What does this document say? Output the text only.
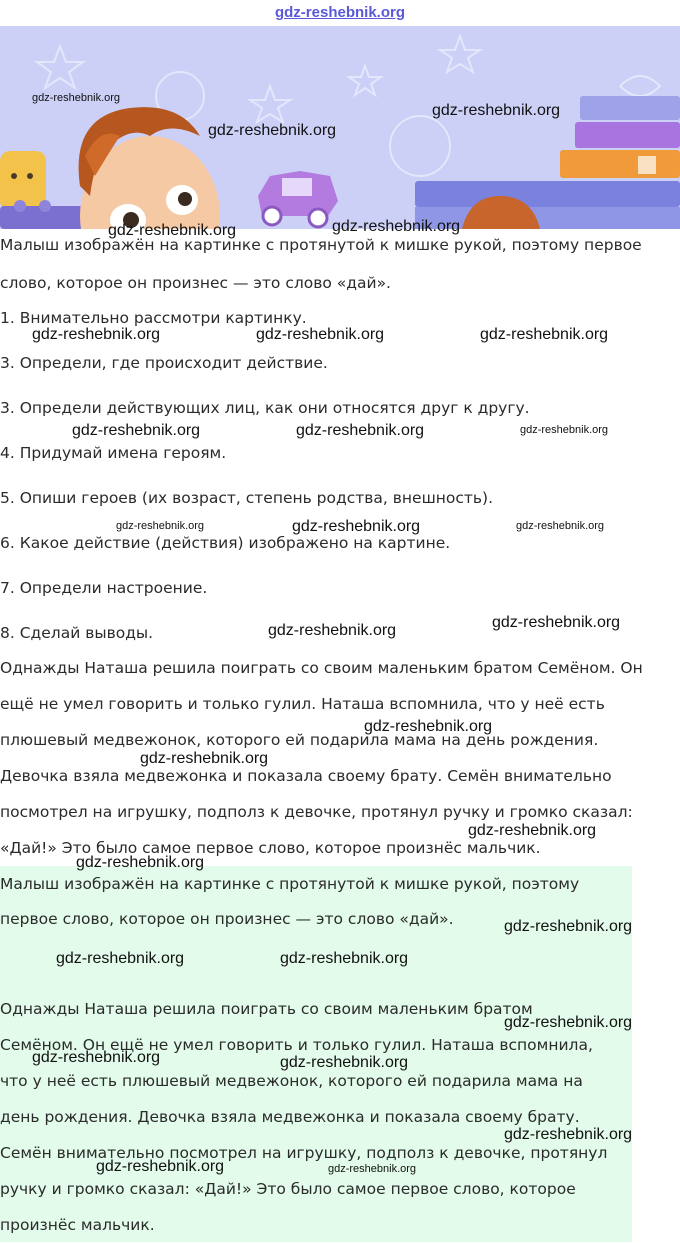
gdz-reshebnik.org

Малыш изображён на картинке с протянутой к мишке рукой, поэтому первое

слово, которое он произнес — это слово «дай».

1. Внимательно рассмотри картинку.

3. Определи, где происходит действие.

3. Определи действующих лиц, как они относятся друг к другу.

4. Придумай имена героям.

5. Опиши героев (их возраст, степень родства, внешность).

6. Какое действие (действия) изображено на картине.

7. Определи настроение.

8. Сделай выводы.

Однажды Наташа решила поиграть со своим маленьким братом Семёном. Он

ещё не умел говорить и только гулил. Наташа вспомнила, что у неё есть

плюшевый медвежонок, которого ей подарила мама на день рождения.

Девочка взяла медвежонка и показала своему брату. Семён внимательно

посмотрел на игрушку, подполз к девочке, протянул ручку и громко сказал:

«Дай!» Это было самое первое слово, которое произнёс мальчик.

Малыш изображён на картинке с протянутой к мишке рукой, поэтому

первое слово, которое он произнес — это слово «дай».

Однажды Наташа решила поиграть со своим маленьким братом

Семёном. Он ещё не умел говорить и только гулил. Наташа вспомнила,

что у неё есть плюшевый медвежонок, которого ей подарила мама на

день рождения. Девочка взяла медвежонка и показала своему брату.

Семён внимательно посмотрел на игрушку, подполз к девочке, протянул

ручку и громко сказал: «Дай!» Это было самое первое слово, которое

произнёс мальчик.

gdz-reshebnik.org
gdz-reshebnik.org
gdz-reshebnik.org
gdz-reshebnik.org	gdz-reshebnik.org
gdz-reshebnik.org	gdz-reshebnik.org	gdz-reshebnik.org
gdz-reshebnik.org	gdz-reshebnik.org	gdz-reshebnik.org
gdz-reshebnik.org	gdz-reshebnik.org	gdz-reshebnik.org
gdz-reshebnik.org	gdz-reshebnik.org
gdz-reshebnik.org
gdz-reshebnik.org
gdz-reshebnik.org
gdz-reshebnik.org
gdz-reshebnik.org
gdz-reshebnik.org	gdz-reshebnik.org
gdz-reshebnik.org
gdz-reshebnik.org	gdz-reshebnik.org
gdz-reshebnik.org
gdz-reshebnik.org	gdz-reshebnik.org
